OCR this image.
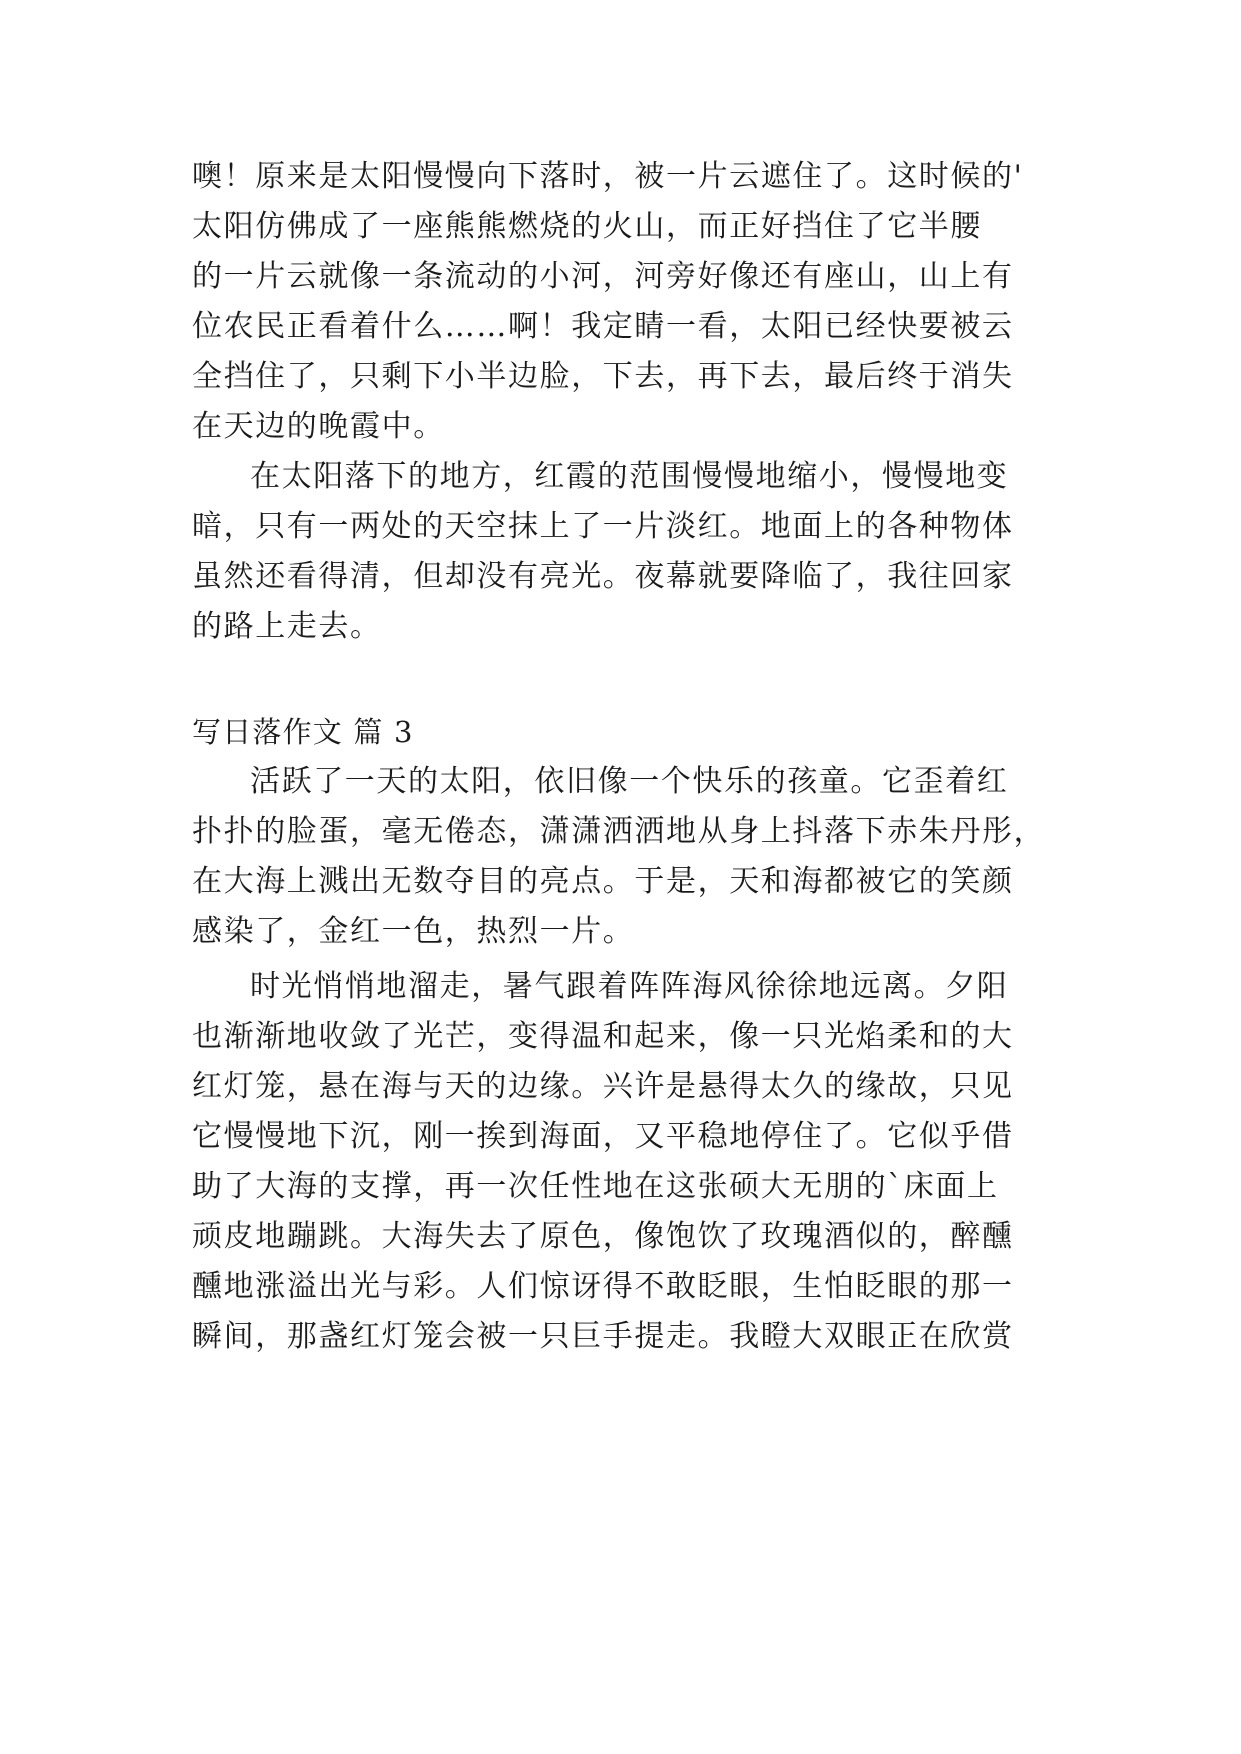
噢！原来是太阳慢慢向下落时，被一片云遮住了。这时候的'
太阳仿佛成了一座熊熊燃烧的火山，而正好挡住了它半腰
的一片云就像一条流动的小河，河旁好像还有座山，山上有
位农民正看着什么……啊！我定睛一看，太阳已经快要被云
全挡住了，只剩下小半边脸，下去，再下去，最后终于消失
在天边的晚霞中。
在太阳落下的地方，红霞的范围慢慢地缩小，慢慢地变
暗，只有一两处的天空抹上了一片淡红。地面上的各种物体
虽然还看得清，但却没有亮光。夜幕就要降临了，我往回家
的路上走去。
写日落作文 篇 3
活跃了一天的太阳，依旧像一个快乐的孩童。它歪着红
扑扑的脸蛋，毫无倦态，潇潇洒洒地从身上抖落下赤朱丹彤，
在大海上溅出无数夺目的亮点。于是，天和海都被它的笑颜
感染了，金红一色，热烈一片。
时光悄悄地溜走，暑气跟着阵阵海风徐徐地远离。夕阳
也渐渐地收敛了光芒，变得温和起来，像一只光焰柔和的大
红灯笼，悬在海与天的边缘。兴许是悬得太久的缘故，只见
它慢慢地下沉，刚一挨到海面，又平稳地停住了。它似乎借
助了大海的支撑，再一次任性地在这张硕大无朋的`床面上
顽皮地蹦跳。大海失去了原色，像饱饮了玫瑰酒似的，醉醺
醺地涨溢出光与彩。人们惊讶得不敢眨眼，生怕眨眼的那一
瞬间，那盏红灯笼会被一只巨手提走。我瞪大双眼正在欣赏
